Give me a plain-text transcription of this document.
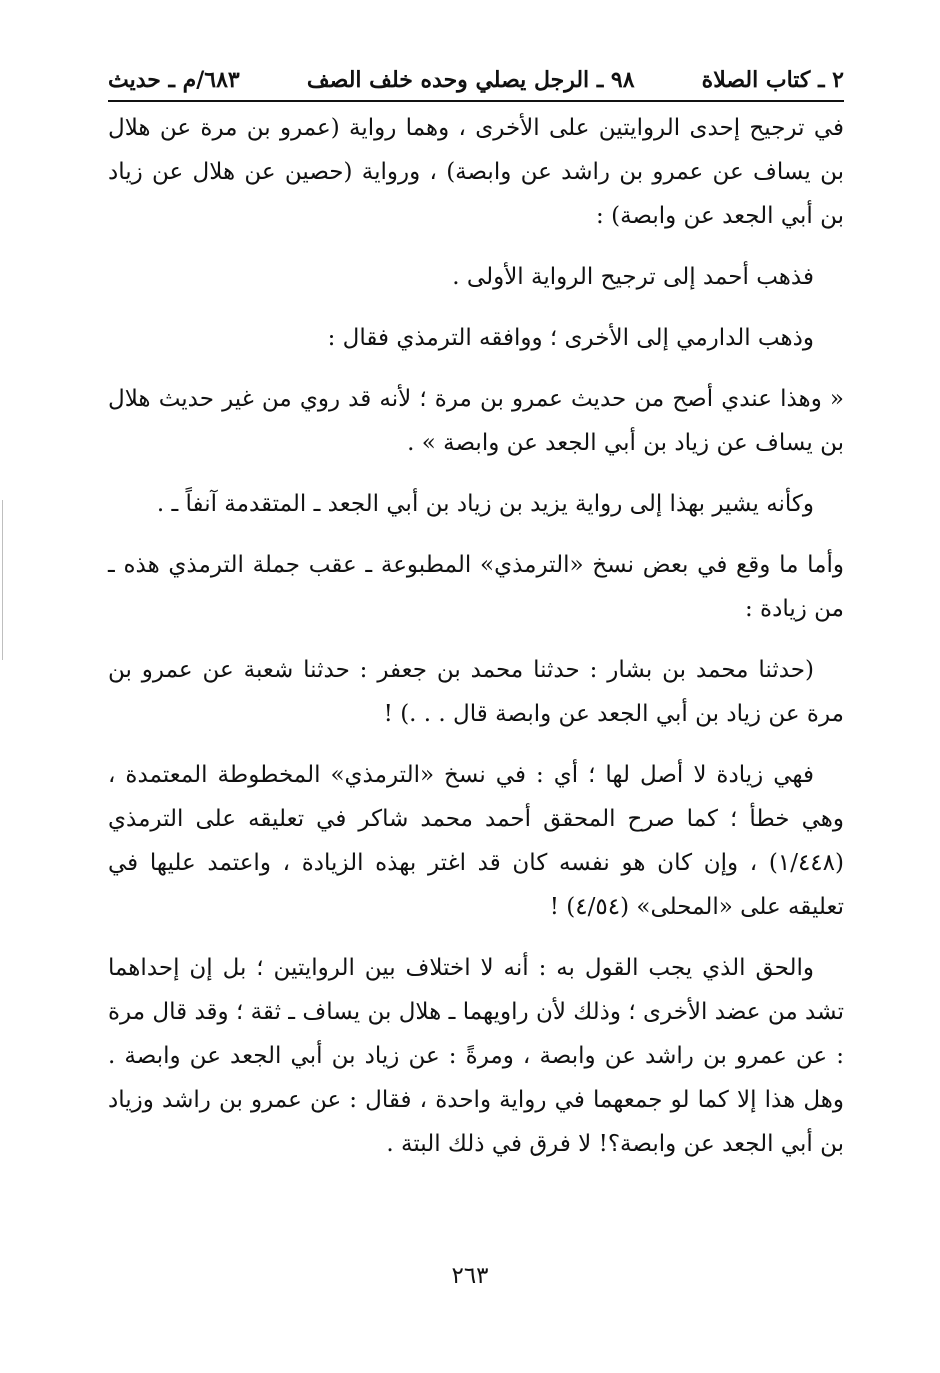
٢ ـ كتاب الصلاة
٩٨ ـ الرجل يصلي وحده خلف الصف
٦٨٣/م ـ حديث

في ترجيح إحدى الروايتين على الأخرى ، وهما رواية (عمرو بن مرة عن هلال بن يساف عن عمرو بن راشد عن وابصة) ، ورواية (حصين عن هلال عن زياد بن أبي الجعد عن وابصة) :

فذهب أحمد إلى ترجيح الرواية الأولى .

وذهب الدارمي إلى الأخرى ؛ ووافقه الترمذي فقال :

« وهذا عندي أصح من حديث عمرو بن مرة ؛ لأنه قد روي من غير حديث هلال بن يساف عن زياد بن أبي الجعد عن وابصة » .

وكأنه يشير بهذا إلى رواية يزيد بن زياد بن أبي الجعد ـ المتقدمة آنفاً ـ .

وأما ما وقع في بعض نسخ «الترمذي» المطبوعة ـ عقب جملة الترمذي هذه ـ من زيادة :

(حدثنا محمد بن بشار : حدثنا محمد بن جعفر : حدثنا شعبة عن عمرو بن مرة عن زياد بن أبي الجعد عن وابصة قال . . .) !

فهي زيادة لا أصل لها ؛ أي : في نسخ «الترمذي» المخطوطة المعتمدة ، وهي خطأ ؛ كما صرح المحقق أحمد محمد شاكر في تعليقه على الترمذي (١/٤٤٨) ، وإن كان هو نفسه كان قد اغتر بهذه الزيادة ، واعتمد عليها في تعليقه على «المحلى» (٤/٥٤) !

والحق الذي يجب القول به : أنه لا اختلاف بين الروايتين ؛ بل إن إحداهما تشد من عضد الأخرى ؛ وذلك لأن راويهما ـ هلال بن يساف ـ ثقة ؛ وقد قال مرة : عن عمرو بن راشد عن وابصة ، ومرةً : عن زياد بن أبي الجعد عن وابصة . وهل هذا إلا كما لو جمعهما في رواية واحدة ، فقال : عن عمرو بن راشد وزياد بن أبي الجعد عن وابصة؟! لا فرق في ذلك البتة .

٢٦٣
